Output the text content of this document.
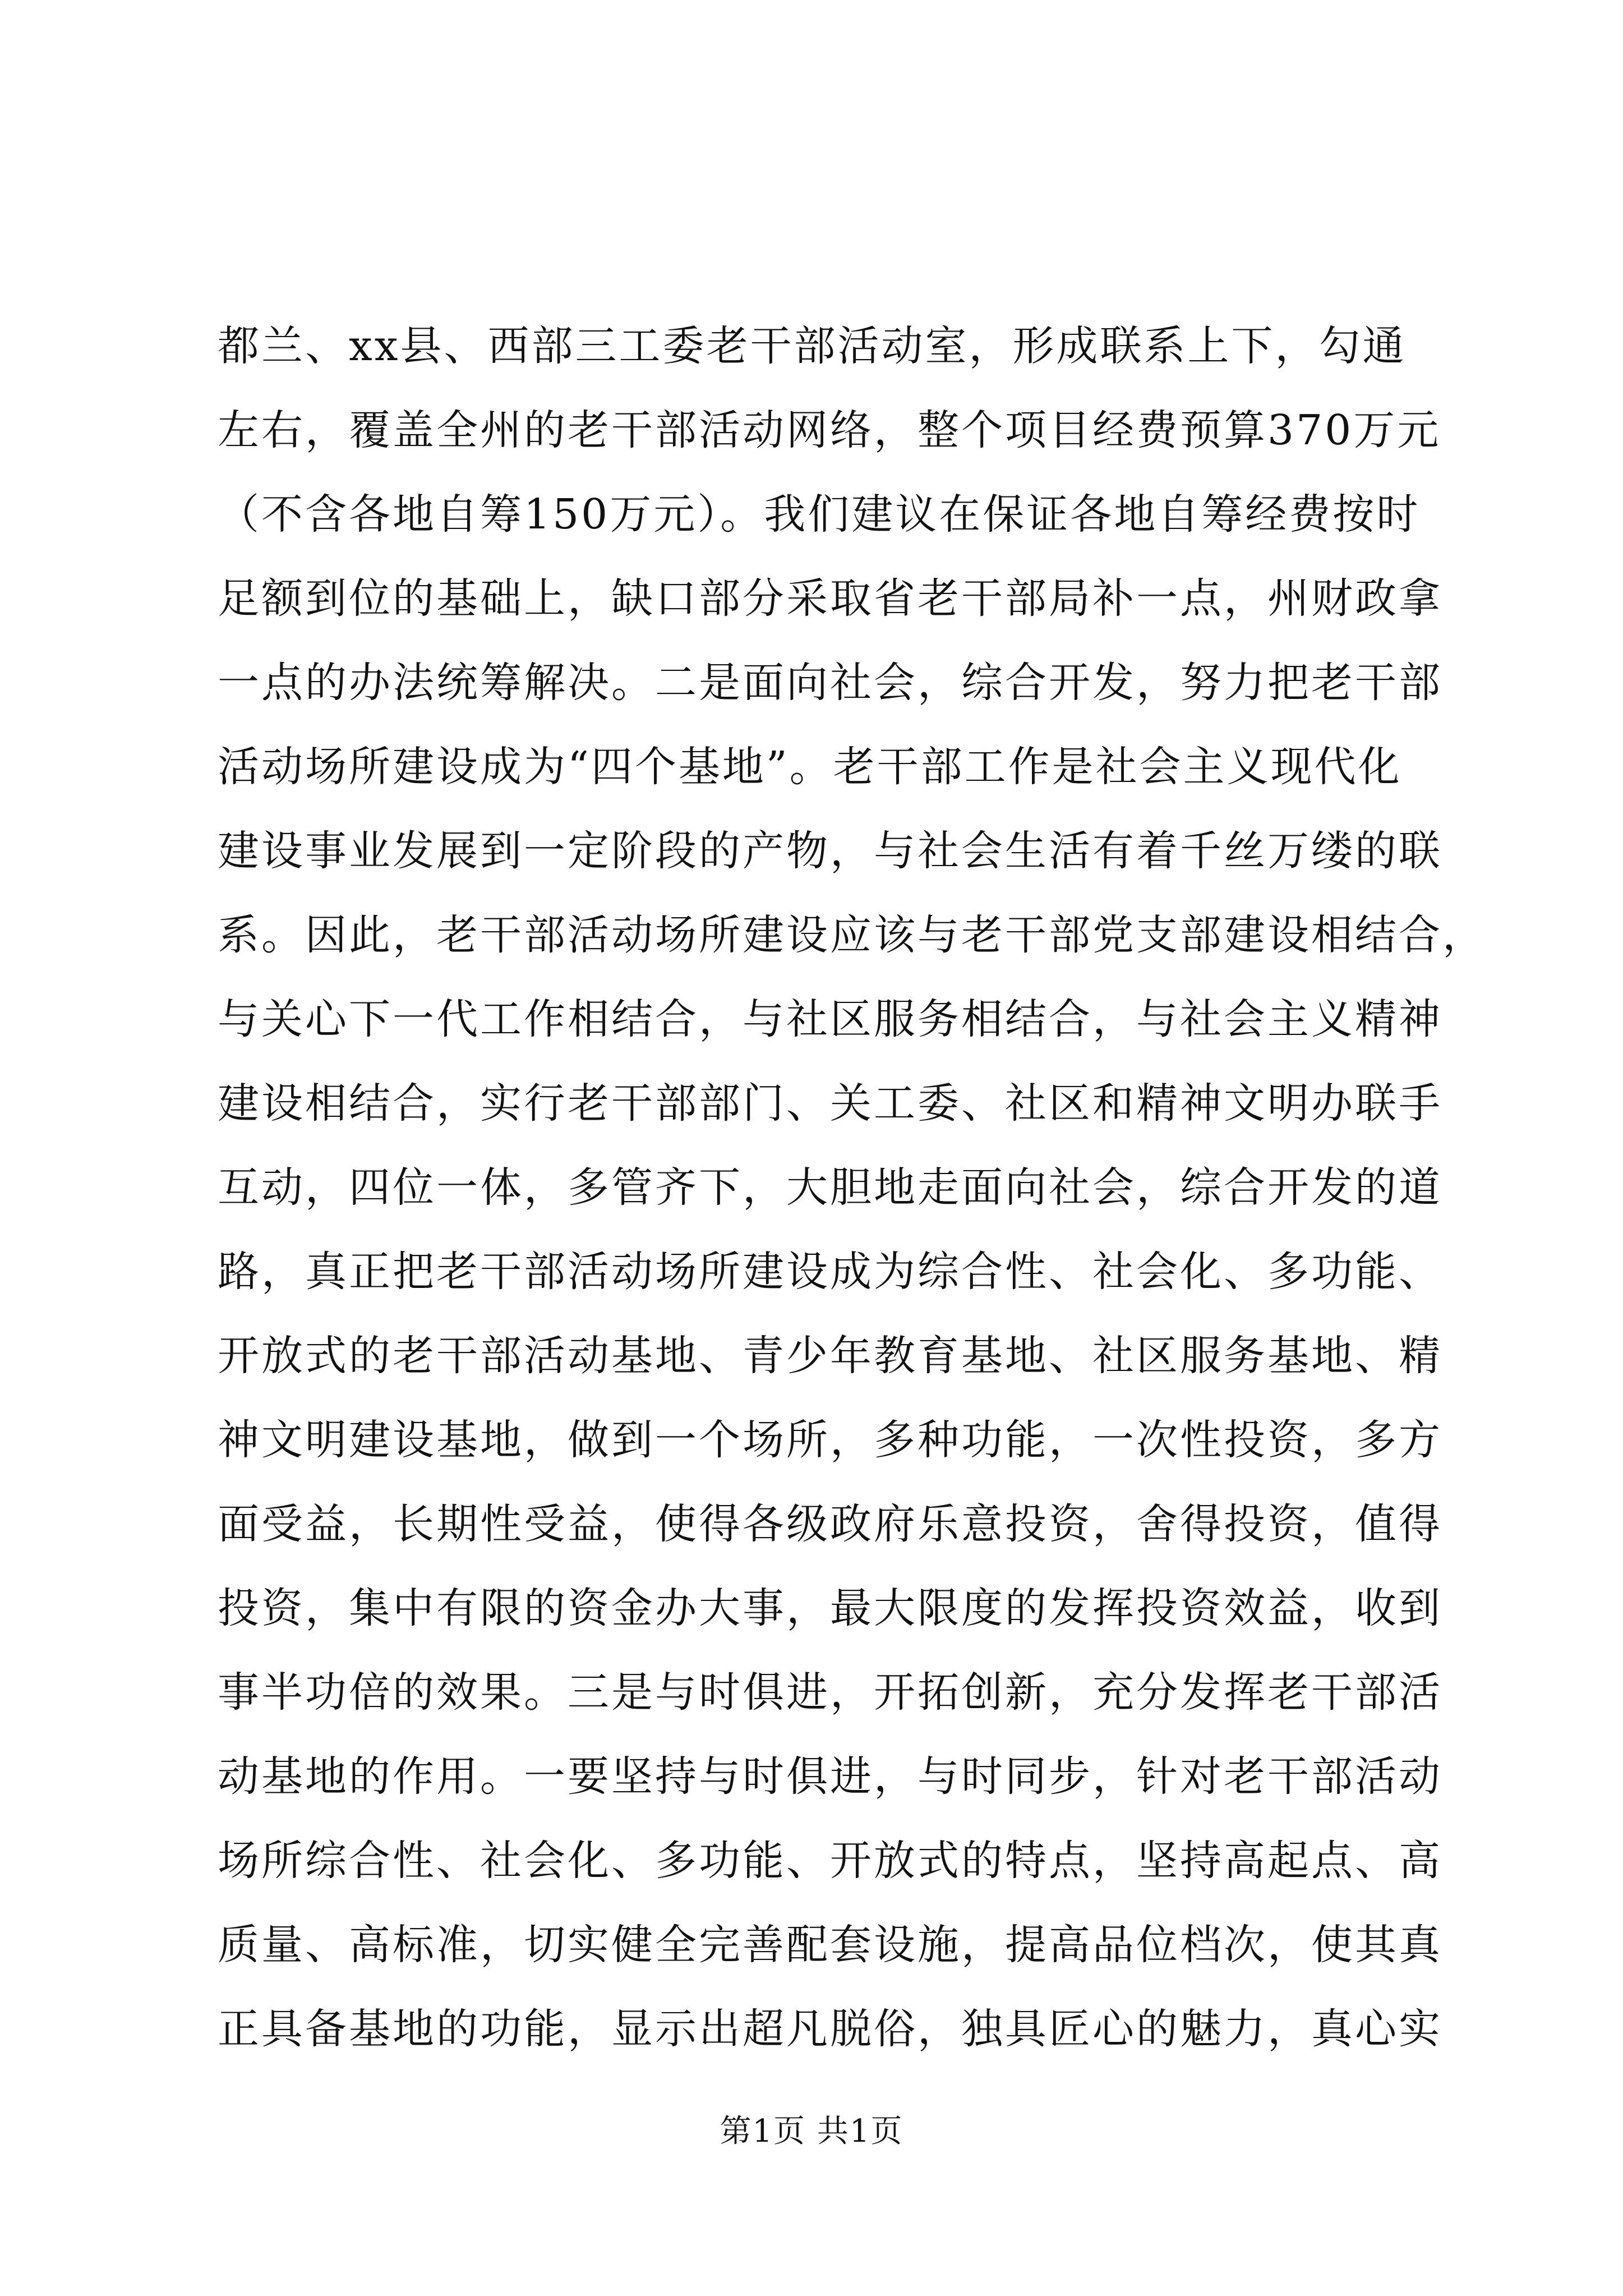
都兰、xx县、西部三工委老干部活动室，形成联系上下，勾通
左右，覆盖全州的老干部活动网络，整个项目经费预算370万元
（不含各地自筹150万元）。我们建议在保证各地自筹经费按时
足额到位的基础上，缺口部分采取省老干部局补一点，州财政拿
一点的办法统筹解决。二是面向社会，综合开发，努力把老干部
活动场所建设成为“四个基地”。老干部工作是社会主义现代化
建设事业发展到一定阶段的产物，与社会生活有着千丝万缕的联
系。因此，老干部活动场所建设应该与老干部党支部建设相结合，
与关心下一代工作相结合，与社区服务相结合，与社会主义精神
建设相结合，实行老干部部门、关工委、社区和精神文明办联手
互动，四位一体，多管齐下，大胆地走面向社会，综合开发的道
路，真正把老干部活动场所建设成为综合性、社会化、多功能、
开放式的老干部活动基地、青少年教育基地、社区服务基地、精
神文明建设基地，做到一个场所，多种功能，一次性投资，多方
面受益，长期性受益，使得各级政府乐意投资，舍得投资，值得
投资，集中有限的资金办大事，最大限度的发挥投资效益，收到
事半功倍的效果。三是与时俱进，开拓创新，充分发挥老干部活
动基地的作用。一要坚持与时俱进，与时同步，针对老干部活动
场所综合性、社会化、多功能、开放式的特点，坚持高起点、高
质量、高标准，切实健全完善配套设施，提高品位档次，使其真
正具备基地的功能，显示出超凡脱俗，独具匠心的魅力，真心实
第1页 共1页
